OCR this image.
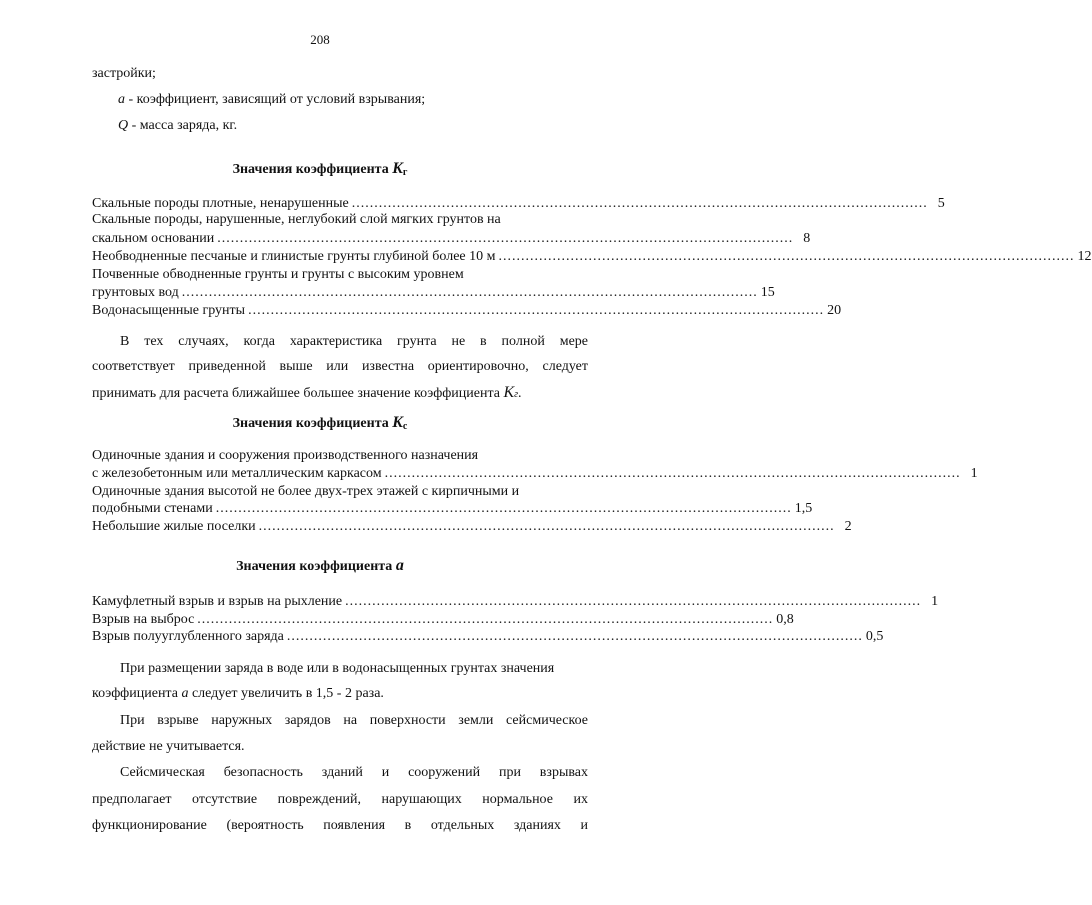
208
застройки;
a - коэффициент, зависящий от условий взрывания;
Q - масса заряда, кг.
Значения коэффициента $K_г$
Скальные породы плотные, ненарушенные ................................................................................................................................ 5
Скальные породы, нарушенные, неглубокий слой мягких грунтов на
скальном основании ................................................................................................................................ 8
Необводненные песчаные и глинистые грунты глубиной более 10 м ................................................................................................................................ 12
Почвенные обводненные грунты и грунты с высоким уровнем
грунтовых вод ................................................................................................................................ 15
Водонасыщенные грунты ................................................................................................................................ 20
В тех случаях, когда характеристика грунта не в полной мере
соответствует приведенной выше или известна ориентировочно, следует
принимать для расчета ближайшее большее значение коэффициента Kг.
Значения коэффициента $K_с$
Одиночные здания и сооружения производственного назначения
с железобетонным или металлическим каркасом ................................................................................................................................ 1
Одиночные здания высотой не более двух-трех этажей с кирпичными и
подобными стенами ................................................................................................................................ 1,5
Небольшие жилые поселки ................................................................................................................................ 2
Значения коэффициента a
Камуфлетный взрыв и взрыв на рыхление ................................................................................................................................ 1
Взрыв на выброс ................................................................................................................................ 0,8
Взрыв полууглубленного заряда ................................................................................................................................ 0,5
При размещении заряда в воде или в водонасыщенных грунтах значения
коэффициента a следует увеличить в 1,5 - 2 раза.
При взрыве наружных зарядов на поверхности земли сейсмическое
действие не учитывается.
Сейсмическая безопасность зданий и сооружений при взрывах
предполагает отсутствие повреждений, нарушающих нормальное их
функционирование (вероятность появления в отдельных зданиях и
